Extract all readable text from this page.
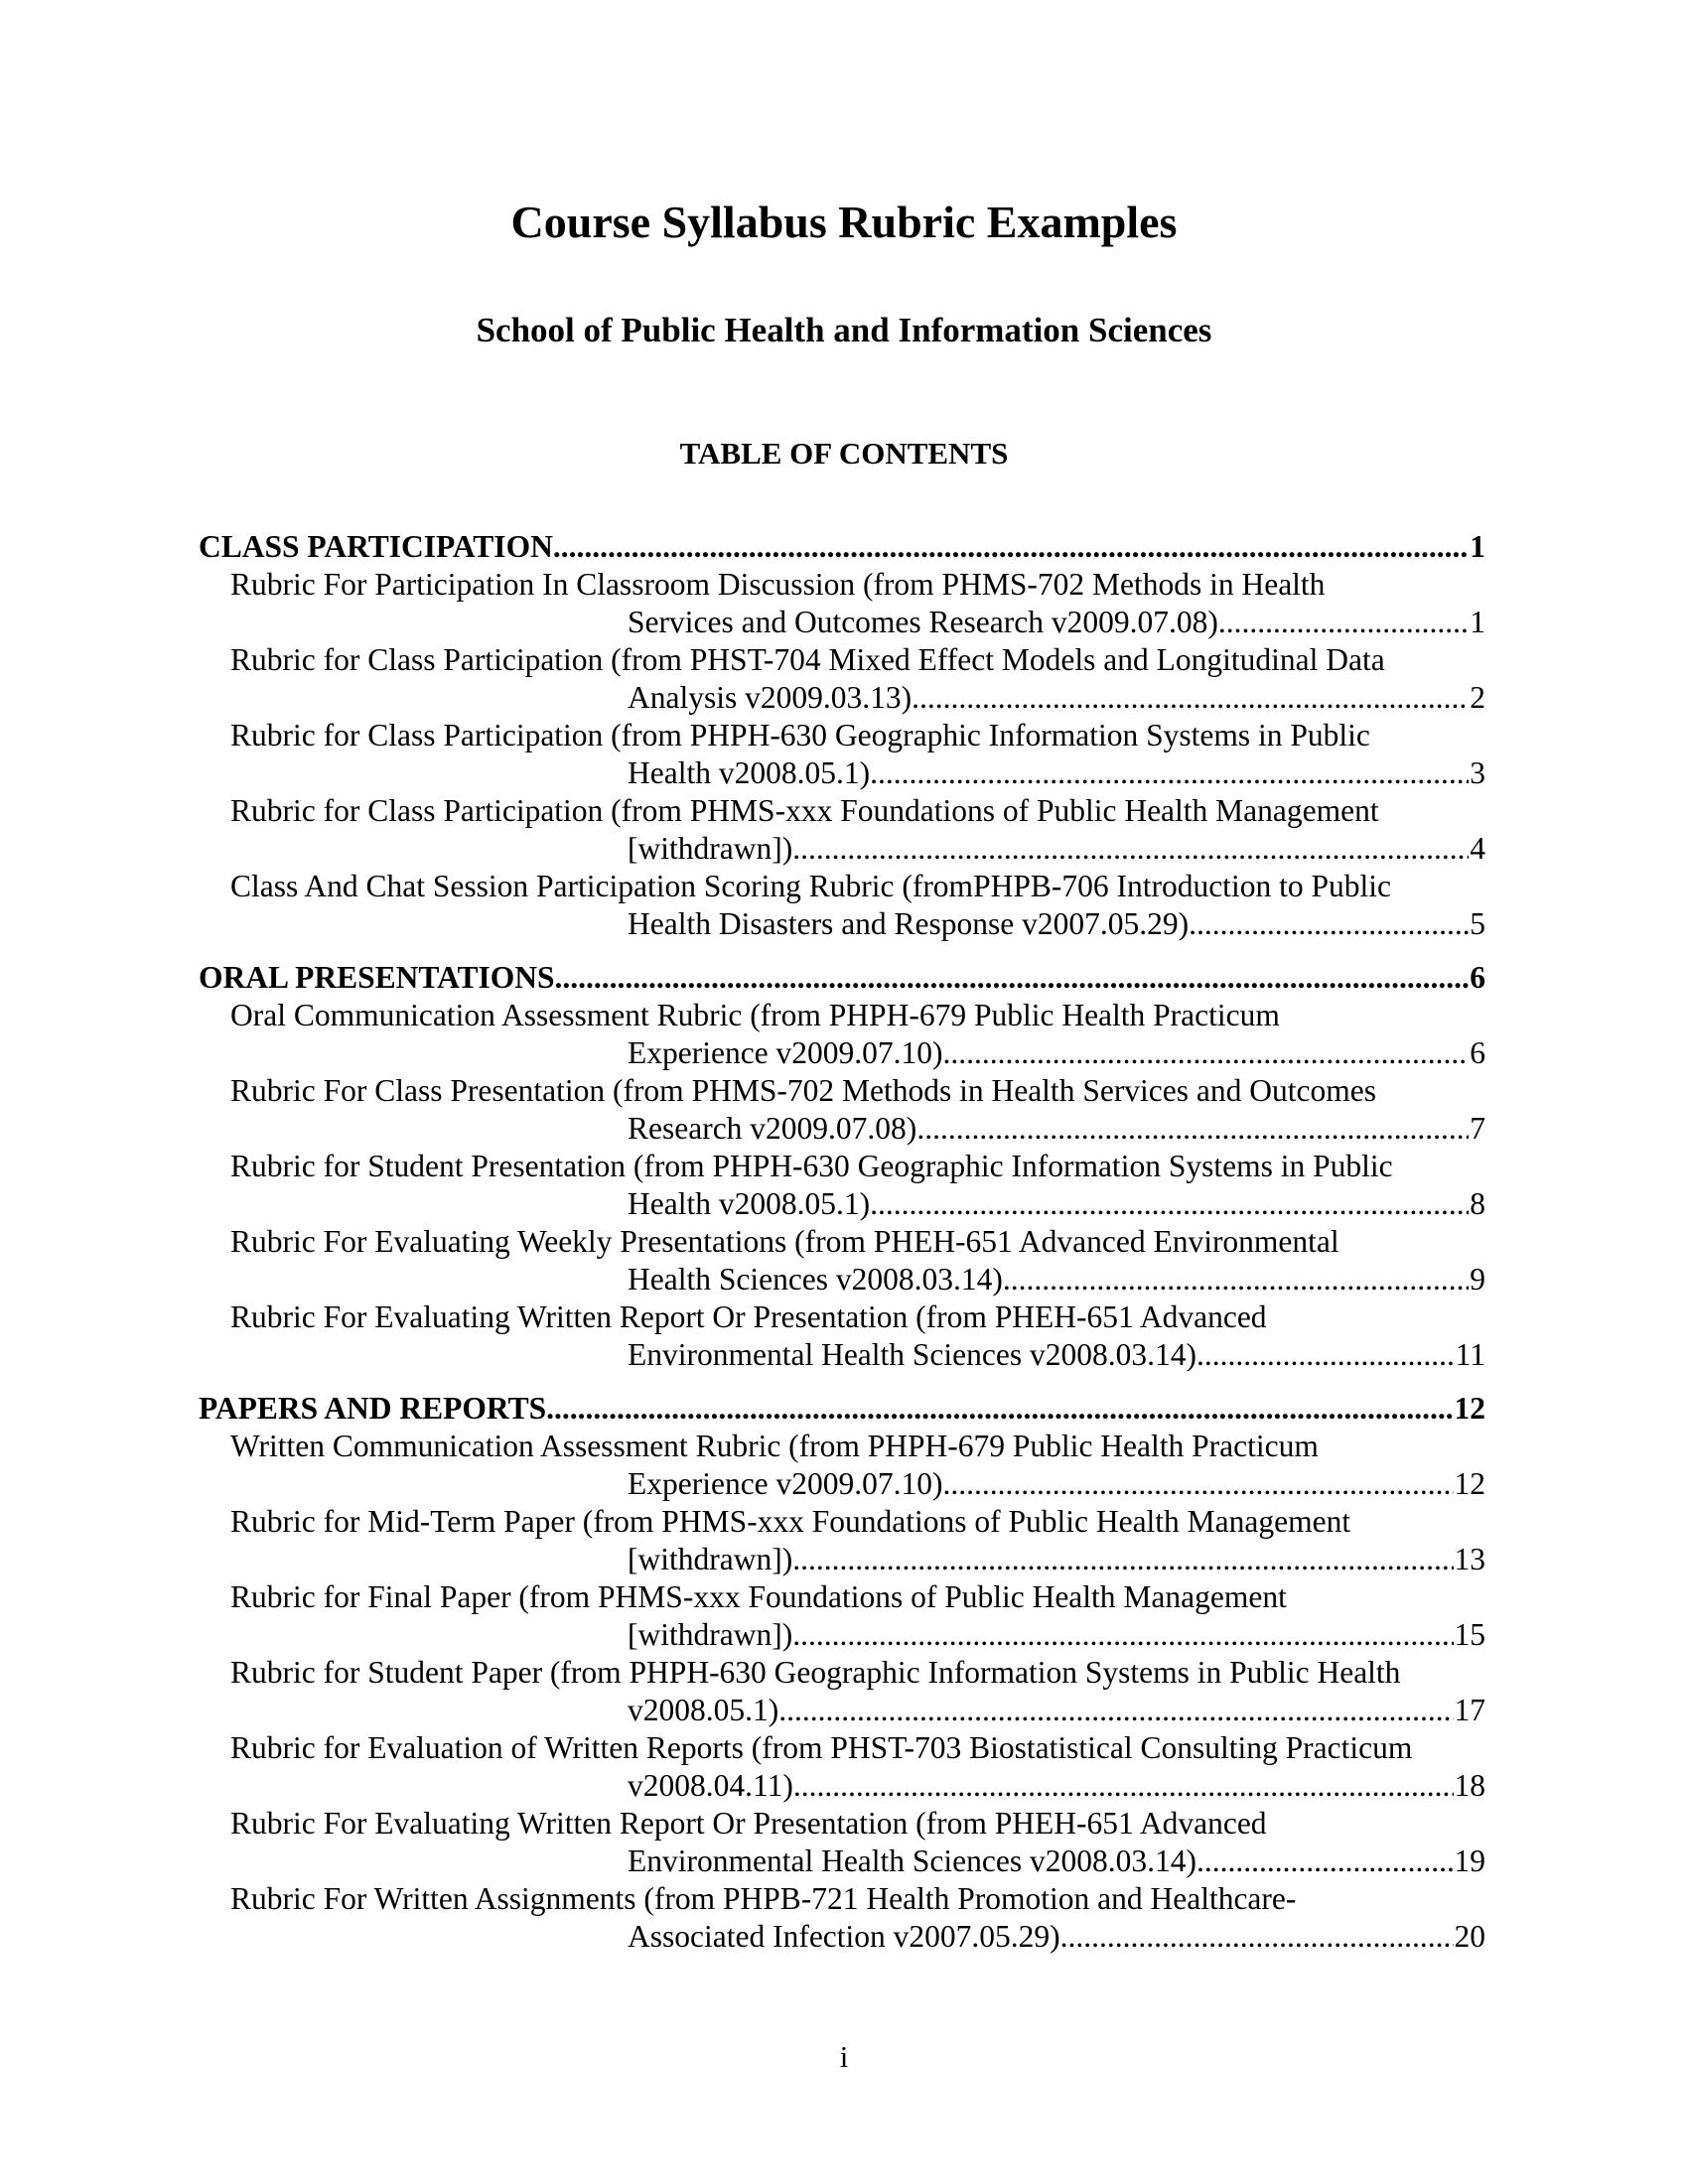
Course Syllabus Rubric Examples
School of Public Health and Information Sciences
TABLE OF CONTENTS
CLASS PARTICIPATION .....	1
Rubric For Participation In Classroom Discussion (from PHMS-702 Methods in Health
Services and Outcomes Research v2009.07.08) .....	1
Rubric for Class Participation (from PHST-704 Mixed Effect Models and Longitudinal Data
Analysis v2009.03.13) .....	2
Rubric for Class Participation (from PHPH-630 Geographic Information Systems in Public
Health v2008.05.1) .....	3
Rubric for Class Participation (from PHMS-xxx Foundations of Public Health Management
[withdrawn]) .....	4
Class And Chat Session Participation Scoring Rubric (fromPHPB-706 Introduction to Public
Health Disasters and Response v2007.05.29) .....	5
ORAL PRESENTATIONS .....	6
Oral Communication Assessment Rubric (from PHPH-679 Public Health Practicum
Experience v2009.07.10) .....	6
Rubric For Class Presentation (from PHMS-702 Methods in Health Services and Outcomes
Research v2009.07.08) .....	7
Rubric for Student Presentation (from PHPH-630 Geographic Information Systems in Public
Health v2008.05.1) .....	8
Rubric For Evaluating Weekly Presentations (from PHEH-651 Advanced Environmental
Health Sciences v2008.03.14) .....	9
Rubric For Evaluating Written Report Or Presentation (from PHEH-651 Advanced
Environmental Health Sciences v2008.03.14) .....	11
PAPERS AND REPORTS .....	12
Written Communication Assessment Rubric (from PHPH-679 Public Health Practicum
Experience v2009.07.10) .....	12
Rubric for Mid-Term Paper (from PHMS-xxx Foundations of Public Health Management
[withdrawn]) .....	13
Rubric for Final Paper (from PHMS-xxx Foundations of Public Health Management
[withdrawn]) .....	15
Rubric for Student Paper (from PHPH-630 Geographic Information Systems in Public Health
v2008.05.1) .....	17
Rubric for Evaluation of Written Reports (from PHST-703 Biostatistical Consulting Practicum
v2008.04.11) .....	18
Rubric For Evaluating Written Report Or Presentation (from PHEH-651 Advanced
Environmental Health Sciences v2008.03.14) .....	19
Rubric For Written Assignments (from PHPB-721 Health Promotion and Healthcare-
Associated Infection v2007.05.29) .....	20
i
